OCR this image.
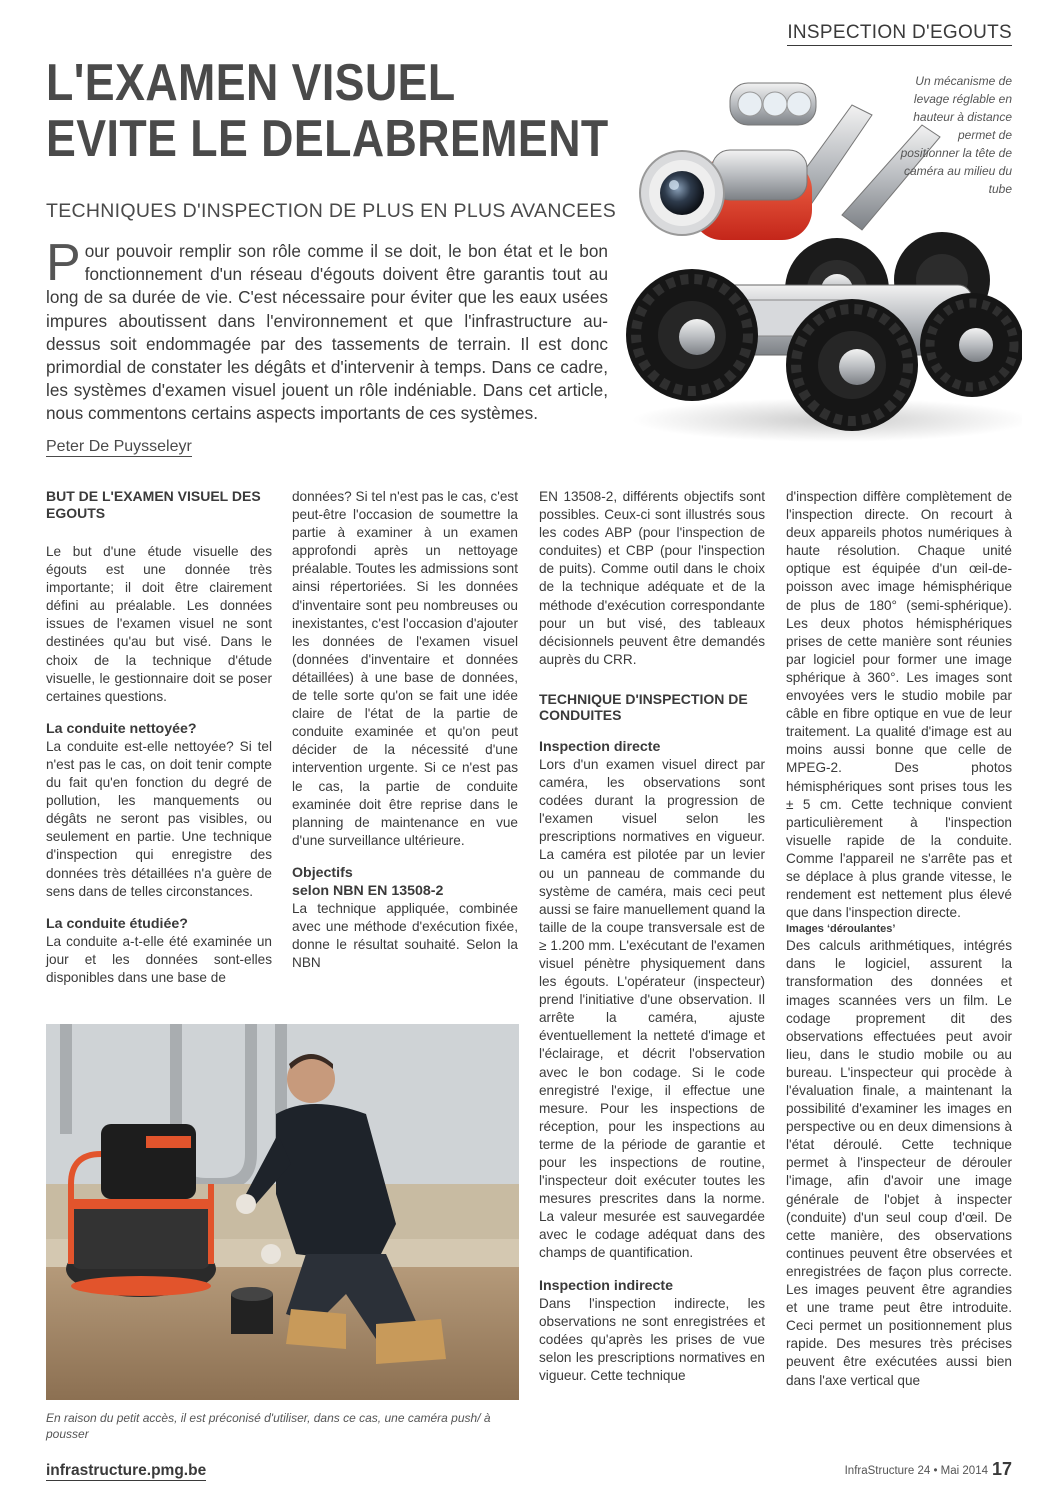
INSPECTION D'EGOUTS
L'EXAMEN VISUEL
EVITE LE DELABREMENT
TECHNIQUES D'INSPECTION DE PLUS EN PLUS AVANCEES
Pour pouvoir remplir son rôle comme il se doit, le bon état et le bon fonctionnement d'un réseau d'égouts doivent être garantis tout au long de sa durée de vie. C'est nécessaire pour éviter que les eaux usées impures aboutissent dans l'environnement et que l'infrastructure au-dessus soit endommagée par des tassements de terrain. Il est donc primordial de constater les dégâts et d'intervenir à temps. Dans ce cadre, les systèmes d'examen visuel jouent un rôle indéniable. Dans cet article, nous commentons certains aspects importants de ces systèmes.
Peter De Puysseleyr
Un mécanisme de levage réglable en hauteur à distance permet de positionner la tête de caméra au milieu du tube
BUT DE L'EXAMEN VISUEL DES EGOUTS

Le but d'une étude visuelle des égouts est une donnée très importante; il doit être clairement défini au préalable. Les données issues de l'examen visuel ne sont destinées qu'au but visé. Dans le choix de la technique d'étude visuelle, le gestionnaire doit se poser certaines questions.

La conduite nettoyée?

La conduite est-elle nettoyée? Si tel n'est pas le cas, on doit tenir compte du fait qu'en fonction du degré de pollution, les manquements ou dégâts ne seront pas visibles, ou seulement en partie. Une technique d'inspection qui enregistre des données très détaillées n'a guère de sens dans de telles circonstances.

La conduite étudiée?

La conduite a-t-elle été examinée un jour et les données sont-elles disponibles dans une base de

données? Si tel n'est pas le cas, c'est peut-être l'occasion de soumettre la partie à examiner à un examen approfondi après un nettoyage préalable. Toutes les admissions sont ainsi répertoriées. Si les données d'inventaire sont peu nombreuses ou inexistantes, c'est l'occasion d'ajouter les données de l'examen visuel (données d'inventaire et données détaillées) à une base de données, de telle sorte qu'on se fait une idée claire de l'état de la partie de conduite examinée et qu'on peut décider de la nécessité d'une intervention urgente. Si ce n'est pas le cas, la partie de conduite examinée doit être reprise dans le planning de maintenance en vue d'une surveillance ultérieure.

Objectifs
selon NBN EN 13508-2

La technique appliquée, combinée avec une méthode d'exécution fixée, donne le résultat souhaité. Selon la NBN

EN 13508-2, différents objectifs sont possibles. Ceux-ci sont illustrés sous les codes ABP (pour l'inspection de conduites) et CBP (pour l'inspection de puits). Comme outil dans le choix de la technique adéquate et de la méthode d'exécution correspondante pour un but visé, des tableaux décisionnels peuvent être demandés auprès du CRR.

TECHNIQUE D'INSPECTION DE CONDUITES
Inspection directe

Lors d'un examen visuel direct par caméra, les observations sont codées durant la progression de l'examen visuel selon les prescriptions normatives en vigueur. La caméra est pilotée par un levier ou un panneau de commande du système de caméra, mais ceci peut aussi se faire manuellement quand la taille de la coupe transversale est de ≥ 1.200 mm. L'exécutant de l'examen visuel pénètre physiquement dans les égouts. L'opérateur (inspecteur) prend l'initiative d'une observation. Il arrête la caméra, ajuste éventuellement la netteté d'image et l'éclairage, et décrit l'observation avec le bon codage. Si le code enregistré l'exige, il effectue une mesure. Pour les inspections de réception, pour les inspections au terme de la période de garantie et pour les inspections de routine, l'inspecteur doit exécuter toutes les mesures prescrites dans la norme. La valeur mesurée est sauvegardée avec le codage adéquat dans des champs de quantification.

Inspection indirecte

Dans l'inspection indirecte, les observations ne sont enregistrées et codées qu'après les prises de vue selon les prescriptions normatives en vigueur. Cette technique

d'inspection diffère complètement de l'inspection directe. On recourt à deux appareils photos numériques à haute résolution. Chaque unité optique est équipée d'un œil-de-poisson avec image hémisphérique de plus de 180° (semi-sphérique). Les deux photos hémisphériques prises de cette manière sont réunies par logiciel pour former une image sphérique à 360°. Les images sont envoyées vers le studio mobile par câble en fibre optique en vue de leur traitement. La qualité d'image est au moins aussi bonne que celle de MPEG-2. Des photos hémisphériques sont prises tous les ± 5 cm. Cette technique convient particulièrement à l'inspection visuelle rapide de la conduite. Comme l'appareil ne s'arrête pas et se déplace à plus grande vitesse, le rendement est nettement plus élevé que dans l'inspection directe.

Images ‘déroulantes’

Des calculs arithmétiques, intégrés dans le logiciel, assurent la transformation des données et images scannées vers un film. Le codage proprement dit des observations effectuées peut avoir lieu, dans le studio mobile ou au bureau. L'inspecteur qui procède à l'évaluation finale, a maintenant la possibilité d'examiner les images en perspective ou en deux dimensions à l'état déroulé. Cette technique permet à l'inspecteur de dérouler l'image, afin d'avoir une image générale de l'objet à inspecter (conduite) d'un seul coup d'œil. De cette manière, des observations continues peuvent être observées et enregistrées de façon plus correcte. Les images peuvent être agrandies et une trame peut être introduite. Ceci permet un positionnement plus rapide. Des mesures très précises peuvent être exécutées aussi bien dans l'axe vertical que

En raison du petit accès, il est préconisé d'utiliser, dans ce cas, une caméra push/ à pousser
infrastructure.pmg.be	InfraStructure 24 • Mai 2014 17
